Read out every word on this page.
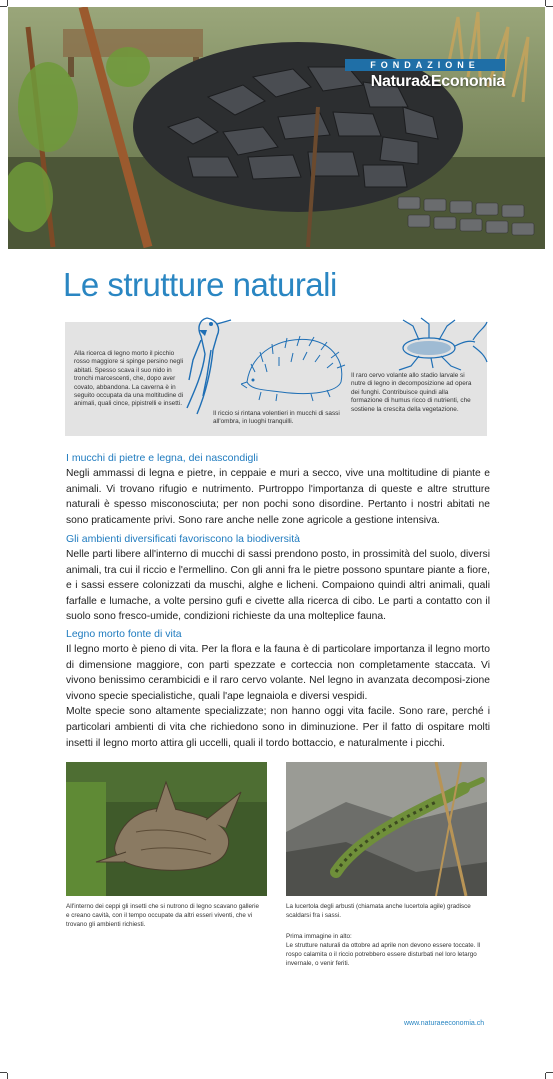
FONDAZIONE
Natura&Economia
Le strutture naturali
Alla ricerca di legno morto il picchio rosso maggiore si spinge persino negli abitati. Spesso scava il suo nido in tronchi marcescenti, che, dopo aver covato, abbandona. La caverna è in seguito occupata da una moltitudine di animali, quali cince, pipistrelli e insetti.
Il riccio si rintana volentieri in mucchi di sassi all'ombra, in luoghi tranquilli.
Il raro cervo volante allo stadio larvale si nutre di legno in decomposizione ad opera dei funghi. Contribuisce quindi alla formazione di humus ricco di nutrienti, che sostiene la crescita della vegetazione.
I mucchi di pietre e legna, dei nascondigli
Negli ammassi di legna e pietre, in ceppaie e muri a secco, vive una moltitudine di piante e animali. Vi trovano rifugio e nutrimento. Purtroppo l'importanza di queste e altre strutture naturali è spesso misconosciuta; per non pochi sono disordine. Pertanto i nostri abitati ne sono praticamente privi. Sono rare anche nelle zone agricole a gestione intensiva.
Gli ambienti diversificati favoriscono la biodiversità
Nelle parti libere all'interno di mucchi di sassi prendono posto, in prossimità del suolo, diversi animali, tra cui il riccio e l'ermellino. Con gli anni fra le pietre possono spuntare piante a fiore, e i sassi essere colonizzati da muschi, alghe e licheni. Compaiono quindi altri animali, quali farfalle e lumache, a volte persino gufi e civette alla ricerca di cibo. Le parti a contatto con il suolo sono fresco-umide, condizioni richieste da una molteplice fauna.
Legno morto fonte di vita
Il legno morto è pieno di vita. Per la flora e la fauna è di particolare importanza il legno morto di dimensione maggiore, con parti spezzate e corteccia non completamente staccata. Vi vivono benissimo cerambicidi e il raro cervo volante. Nel legno in avanzata decomposi-zione vivono specie specialistiche, quali l'ape legnaiola e diversi vespidi.
Molte specie sono altamente specializzate; non hanno oggi vita facile. Sono rare, perché i particolari ambienti di vita che richiedono sono in diminuzione. Per il fatto di ospitare molti insetti il legno morto attira gli uccelli, quali il tordo bottaccio, e naturalmente i picchi.
All'interno dei ceppi gli insetti che si nutrono di legno scavano gallerie e creano cavità, con il tempo occupate da altri esseri viventi, che vi trovano gli ambienti richiesti.
La lucertola degli arbusti (chiamata anche lucertola agile) gradisce scaldarsi fra i sassi.
Prima immagine in alto:
Le strutture naturali da ottobre ad aprile non devono essere toccate. Il rospo calamita o il riccio potrebbero essere disturbati nel loro letargo invernale, o venir feriti.
www.naturaeeconomia.ch
